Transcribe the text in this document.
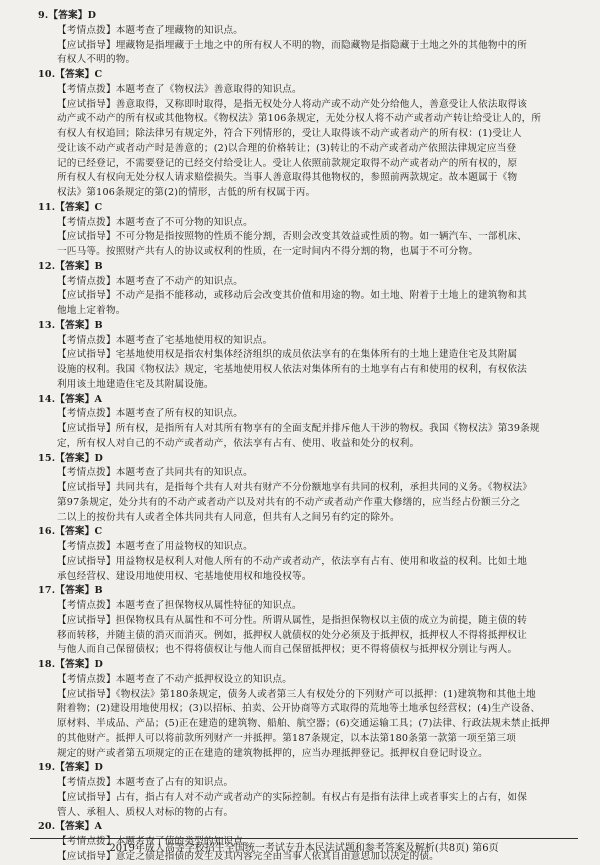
9.【答案】D
【考情点拨】本题考查了埋藏物的知识点。
【应试指导】埋藏物是指埋藏于土地之中的所有权人不明的物，而隐藏物是指隐藏于土地之外的其他物中的所
有权人不明的物。
10.【答案】C
【考情点拨】本题考查了《物权法》善意取得的知识点。
【应试指导】善意取得，又称即时取得，是指无权处分人将动产或不动产处分给他人，善意受让人依法取得该
动产或不动产的所有权或其他物权。《物权法》第106条规定，无处分权人将不动产或者动产转让给受让人的，所
有权人有权追回；除法律另有规定外，符合下列情形的，受让人取得该不动产或者动产的所有权：(1)受让人
受让该不动产或者动产时是善意的；(2)以合理的价格转让；(3)转让的不动产或者动产依照法律规定应当登
记的已经登记，不需要登记的已经交付给受让人。受让人依照前款规定取得不动产或者动产的所有权的，原
所有权人有权向无处分权人请求赔偿损失。当事人善意取得其他物权的，参照前两款规定。故本题属于《物
权法》第106条规定的第(2)的情形，古低的所有权属于丙。
11.【答案】C
【考情点拨】本题考查了不可分物的知识点。
【应试指导】不可分物是指按照物的性质不能分割，否则会改变其效益或性质的物。如一辆汽车、一部机床、
一匹马等。按照财产共有人的协议或权利的性质，在一定时间内不得分割的物，也属于不可分物。
12.【答案】B
【考情点拨】本题考查了不动产的知识点。
【应试指导】不动产是指不能移动，或移动后会改变其价值和用途的物。如土地、附着于土地上的建筑物和其
他地上定着物。
13.【答案】B
【考情点拨】本题考查了宅基地使用权的知识点。
【应试指导】宅基地使用权是指农村集体经济组织的成员依法享有的在集体所有的土地上建造住宅及其附属
设施的权利。我国《物权法》规定，宅基地使用权人依法对集体所有的土地享有占有和使用的权利，有权依法
利用该土地建造住宅及其附属设施。
14.【答案】A
【考情点拨】本题考查了所有权的知识点。
【应试指导】所有权，是指所有人对其所有物享有的全面支配并排斥他人干涉的物权。我国《物权法》第39条规
定，所有权人对自己的不动产或者动产，依法享有占有、使用、收益和处分的权利。
15.【答案】D
【考情点拨】本题考查了共同共有的知识点。
【应试指导】共同共有，是指每个共有人对共有财产不分份额地享有共同的权利，承担共同的义务。《物权法》
第97条规定，处分共有的不动产或者动产以及对共有的不动产或者动产作重大修缮的，应当经占份额三分之
二以上的按份共有人或者全体共同共有人同意，但共有人之间另有约定的除外。
16.【答案】C
【考情点拨】本题考查了用益物权的知识点。
【应试指导】用益物权是权利人对他人所有的不动产或者动产，依法享有占有、使用和收益的权利。比如土地
承包经营权、建设用地使用权、宅基地使用权和地役权等。
17.【答案】B
【考情点拨】本题考查了担保物权从属性特征的知识点。
【应试指导】担保物权具有从属性和不可分性。所谓从属性，是指担保物权以主债的成立为前提，随主债的转
移而转移，并随主债的消灭而消灭。例如，抵押权人就债权的处分必须及于抵押权，抵押权人不得将抵押权让
与他人而自己保留债权；也不得将债权让与他人而自己保留抵押权；更不得将债权与抵押权分别让与两人。
18.【答案】D
【考情点拨】本题考查了不动产抵押权设立的知识点。
【应试指导】《物权法》第180条规定，债务人或者第三人有权处分的下列财产可以抵押：(1)建筑物和其他土地
附着物；(2)建设用地使用权；(3)以招标、拍卖、公开协商等方式取得的荒地等土地承包经营权；(4)生产设备、
原材料、半成品、产品；(5)正在建造的建筑物、船舶、航空器；(6)交通运输工具；(7)法律、行政法规未禁止抵押
的其他财产。抵押人可以将前款所列财产一并抵押。第187条规定，以本法第180条第一款第一项至第三项
规定的财产或者第五项规定的正在建造的建筑物抵押的，应当办理抵押登记。抵押权自登记时设立。
19.【答案】D
【考情点拨】本题考查了占有的知识点。
【应试指导】占有，指占有人对不动产或者动产的实际控制。有权占有是指有法律上或者事实上的占有，如保
管人、承租人、质权人对标的物的占有。
20.【答案】A
【考情点拨】本题考查了债的类型的知识点。
【应试指导】意定之债是指债的发生及其内容完全由当事人依其自由意思加以决定的债。
2019年成人高等学校招生全国统一考试专升本民法试题和参考答案及解析(共8页) 第6页
